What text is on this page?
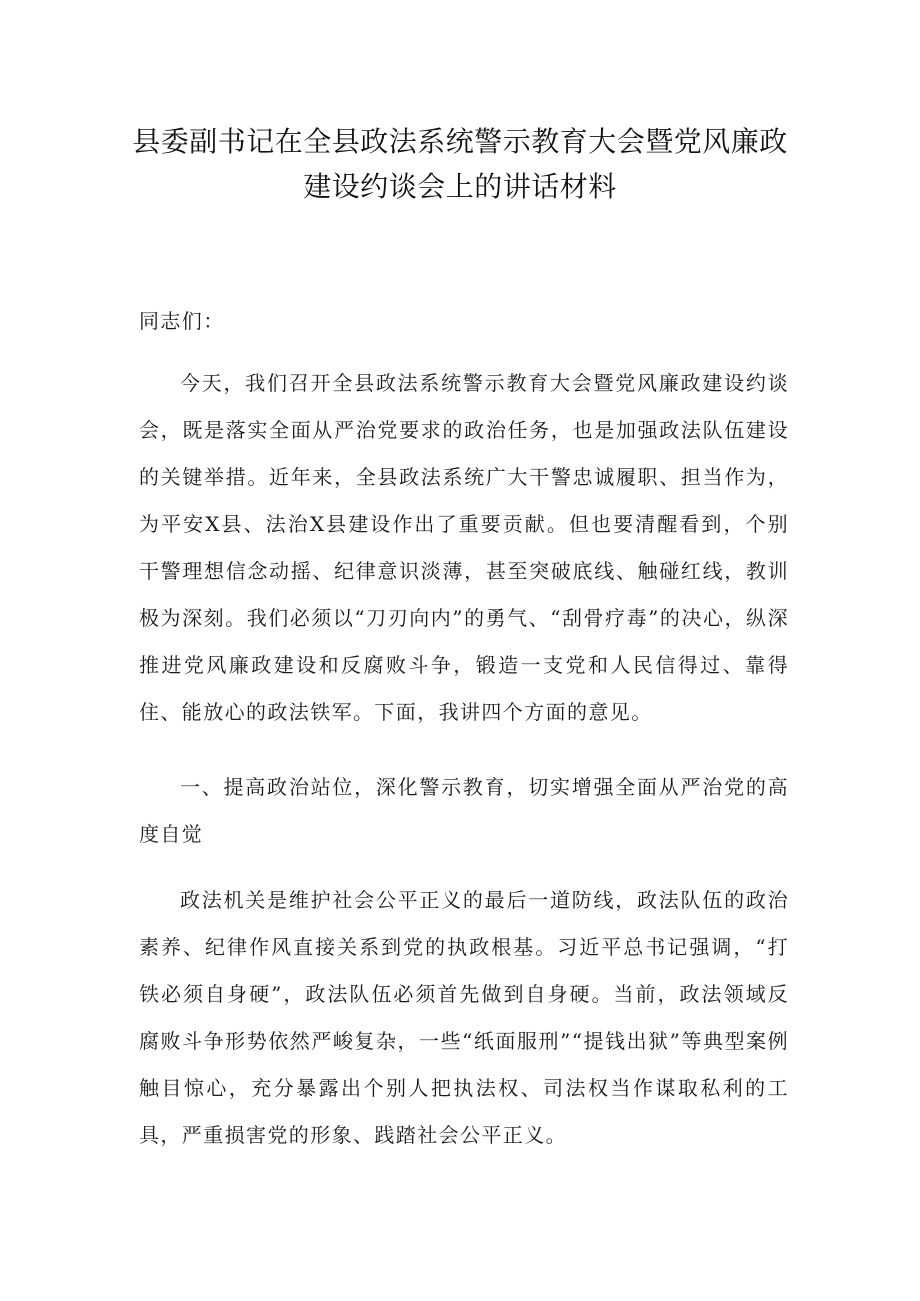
县委副书记在全县政法系统警示教育大会暨党风廉政
建设约谈会上的讲话材料

同志们：

今天，我们召开全县政法系统警示教育大会暨党风廉政建设约谈会，既是落实全面从严治党要求的政治任务，也是加强政法队伍建设的关键举措。近年来，全县政法系统广大干警忠诚履职、担当作为，为平安X县、法治X县建设作出了重要贡献。但也要清醒看到，个别干警理想信念动摇、纪律意识淡薄，甚至突破底线、触碰红线，教训极为深刻。我们必须以“刀刃向内”的勇气、“刮骨疗毒”的决心，纵深推进党风廉政建设和反腐败斗争，锻造一支党和人民信得过、靠得住、能放心的政法铁军。下面，我讲四个方面的意见。

一、提高政治站位，深化警示教育，切实增强全面从严治党的高度自觉

政法机关是维护社会公平正义的最后一道防线，政法队伍的政治素养、纪律作风直接关系到党的执政根基。习近平总书记强调，“打铁必须自身硬”，政法队伍必须首先做到自身硬。当前，政法领域反腐败斗争形势依然严峻复杂，一些“纸面服刑”“提钱出狱”等典型案例触目惊心，充分暴露出个别人把执法权、司法权当作谋取私利的工具，严重损害党的形象、践踏社会公平正义。
